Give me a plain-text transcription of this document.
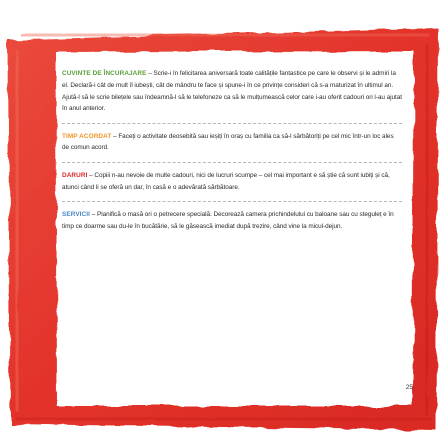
CUVINTE DE ÎNCURAJARE – Scrie-i în felicitarea aniversară toate calitățile fantastice pe care le observi și le admiri la el. Declară-i cât de mult îl iubești, cât de mândru te face și spune-i în ce privințe consideri că s-a maturizat în ultimul an. Ajută-l să le scrie bilețele sau îndeamnă-l să le telefoneze ca să le mulțumească celor care i-au oferit cadouri ori l-au ajutat în anul anterior.

TIMP ACORDAT – Faceți o activitate deosebită sau ieșiți în oraș cu familia ca să-l sărbătoriți pe cel mic într-un loc ales de comun acord.

DARURI – Copiii n-au nevoie de multe cadouri, nici de lucruri scumpe – cel mai important e să știe că sunt iubiți și că, atunci când li se oferă un dar, în casă e o adevărată sărbătoare.

SERVICII – Planifică o masă ori o petrecere specială. Decorează camera prichindelului cu baloane sau cu steguleț e în timp ce doarme sau du-le în bucătărie, să le găsească imediat după trezire, când vine la micul-dejun.

25
